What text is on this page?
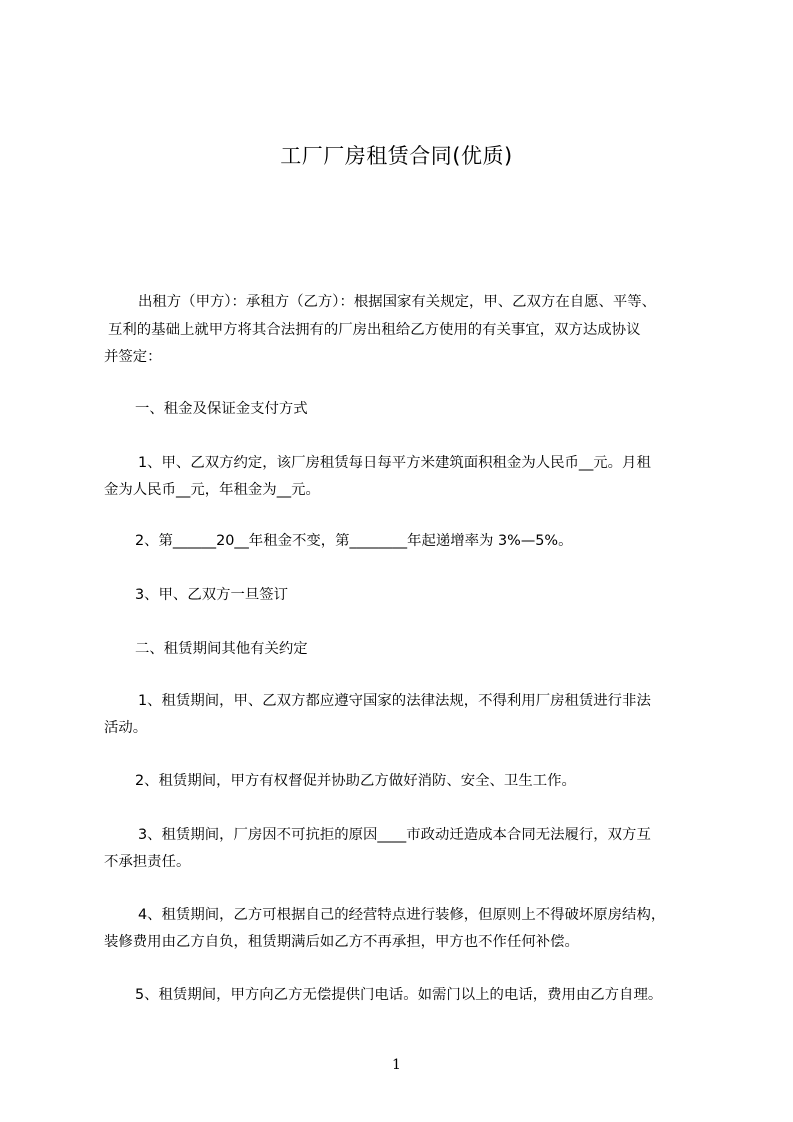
工厂厂房租赁合同(优质)
出租方（甲方）：承租方（乙方）：根据国家有关规定，甲、乙双方在自愿、平等、
互利的基础上就甲方将其合法拥有的厂房出租给乙方使用的有关事宜，双方达成协议
并签定：
一、租金及保证金支付方式
1、甲、乙双方约定，该厂房租赁每日每平方米建筑面积租金为人民币__元。月租
金为人民币__元，年租金为__元。
2、第______20__年租金不变，第________年起递增率为 3%—5%。
3、甲、乙双方一旦签订
二、租赁期间其他有关约定
1、租赁期间，甲、乙双方都应遵守国家的法律法规，不得利用厂房租赁进行非法
活动。
2、租赁期间，甲方有权督促并协助乙方做好消防、安全、卫生工作。
3、租赁期间，厂房因不可抗拒的原因____市政动迁造成本合同无法履行，双方互
不承担责任。
4、租赁期间，乙方可根据自己的经营特点进行装修，但原则上不得破坏原房结构，
装修费用由乙方自负，租赁期满后如乙方不再承担，甲方也不作任何补偿。
5、租赁期间，甲方向乙方无偿提供门电话。如需门以上的电话，费用由乙方自理。
1
